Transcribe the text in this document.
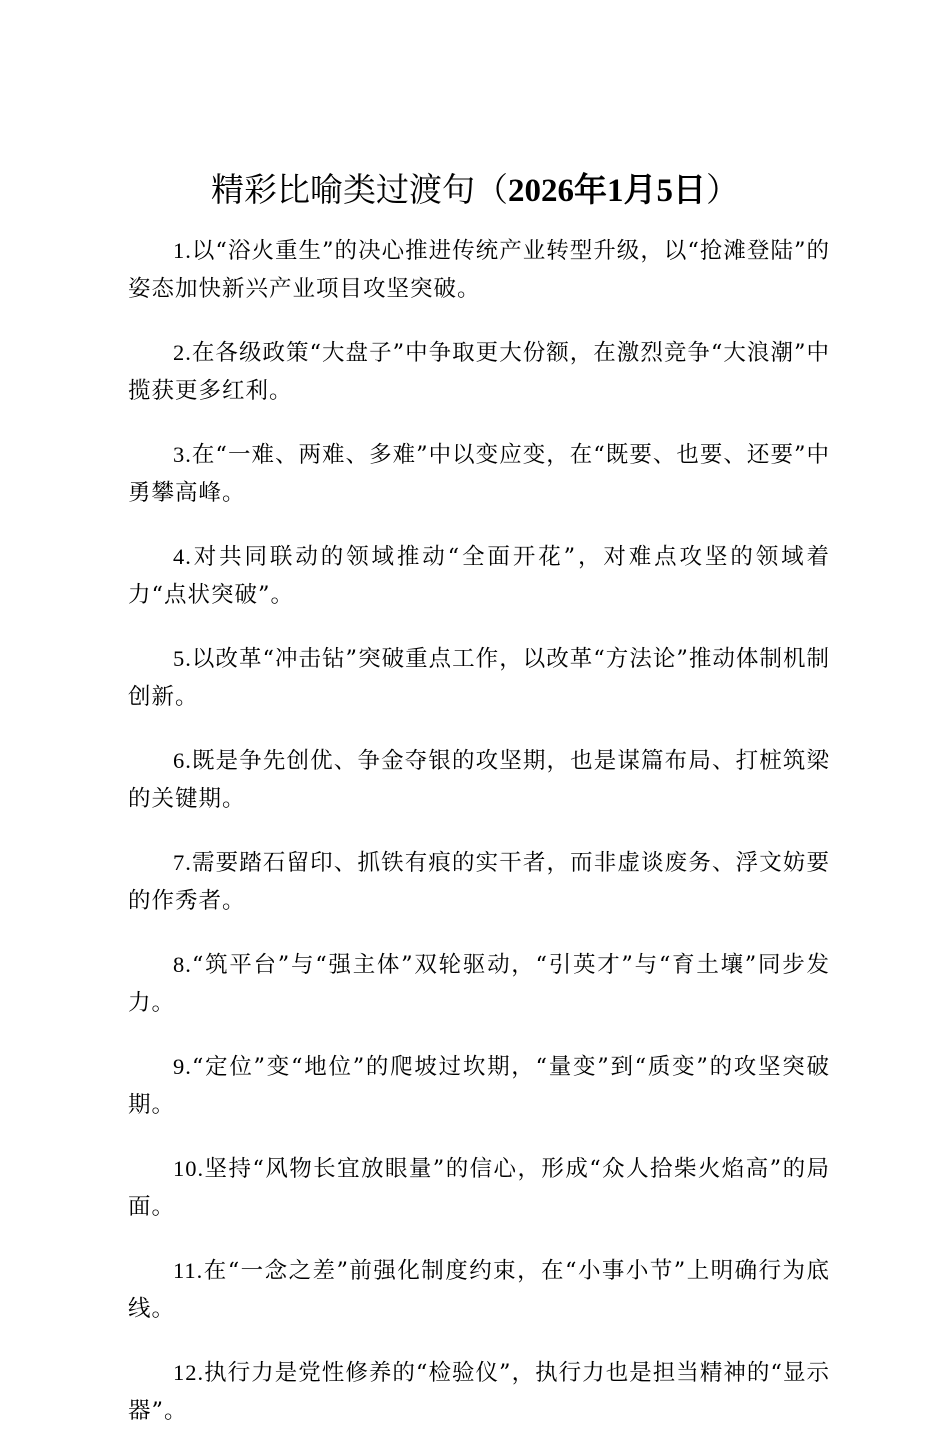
精彩比喻类过渡句（2026年1月5日）

1.以“浴火重生”的决心推进传统产业转型升级，以“抢滩登陆”的姿态加快新兴产业项目攻坚突破。

2.在各级政策“大盘子”中争取更大份额，在激烈竞争“大浪潮”中揽获更多红利。

3.在“一难、两难、多难”中以变应变，在“既要、也要、还要”中勇攀高峰。

4.对共同联动的领域推动“全面开花”，对难点攻坚的领域着力“点状突破”。

5.以改革“冲击钻”突破重点工作，以改革“方法论”推动体制机制创新。

6.既是争先创优、争金夺银的攻坚期，也是谋篇布局、打桩筑梁的关键期。

7.需要踏石留印、抓铁有痕的实干者，而非虚谈废务、浮文妨要的作秀者。

8.“筑平台”与“强主体”双轮驱动，“引英才”与“育土壤”同步发力。

9.“定位”变“地位”的爬坡过坎期，“量变”到“质变”的攻坚突破期。

10.坚持“风物长宜放眼量”的信心，形成“众人拾柴火焰高”的局面。

11.在“一念之差”前强化制度约束，在“小事小节”上明确行为底线。

12.执行力是党性修养的“检验仪”，执行力也是担当精神的“显示器”。
